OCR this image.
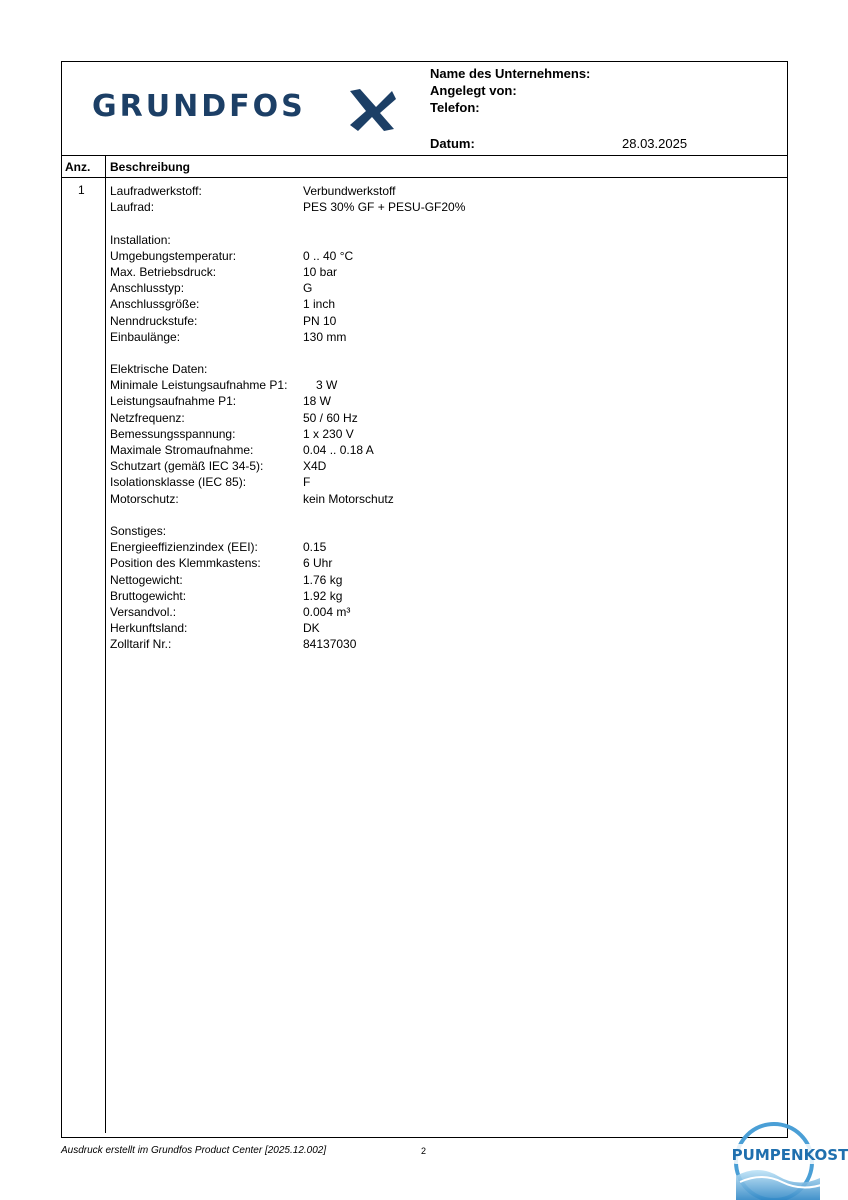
GRUNDFOS
Name des Unternehmens:
Angelegt von:
Telefon:
Datum:	28.03.2025
Anz. Beschreibung
1 Laufradwerkstoff:	Verbundwerkstoff
Laufrad:	PES 30% GF + PESU-GF20%
Installation:
Umgebungstemperatur:	0 .. 40 °C
Max. Betriebsdruck:	10 bar
Anschlusstyp:	G
Anschlussgröße:	1 inch
Nenndruckstufe:	PN 10
Einbaulänge:	130 mm
Elektrische Daten:
Minimale Leistungsaufnahme P1: 3 W
Leistungsaufnahme P1:	18 W
Netzfrequenz:	50 / 60 Hz
Bemessungsspannung:	1 x 230 V
Maximale Stromaufnahme:	0.04 .. 0.18 A
Schutzart (gemäß IEC 34-5):	X4D
Isolationsklasse (IEC 85):	F
Motorschutz:	kein Motorschutz
Sonstiges:
Energieeffizienzindex (EEI):	0.15
Position des Klemmkastens:	6 Uhr
Nettogewicht:	1.76 kg
Bruttogewicht:	1.92 kg
Versandvol.:	0.004 m³
Herkunftsland:	DK
Zolltarif Nr.:	84137030
Ausdruck erstellt im Grundfos Product Center [2025.12.002]	2	PUMPENKOST
